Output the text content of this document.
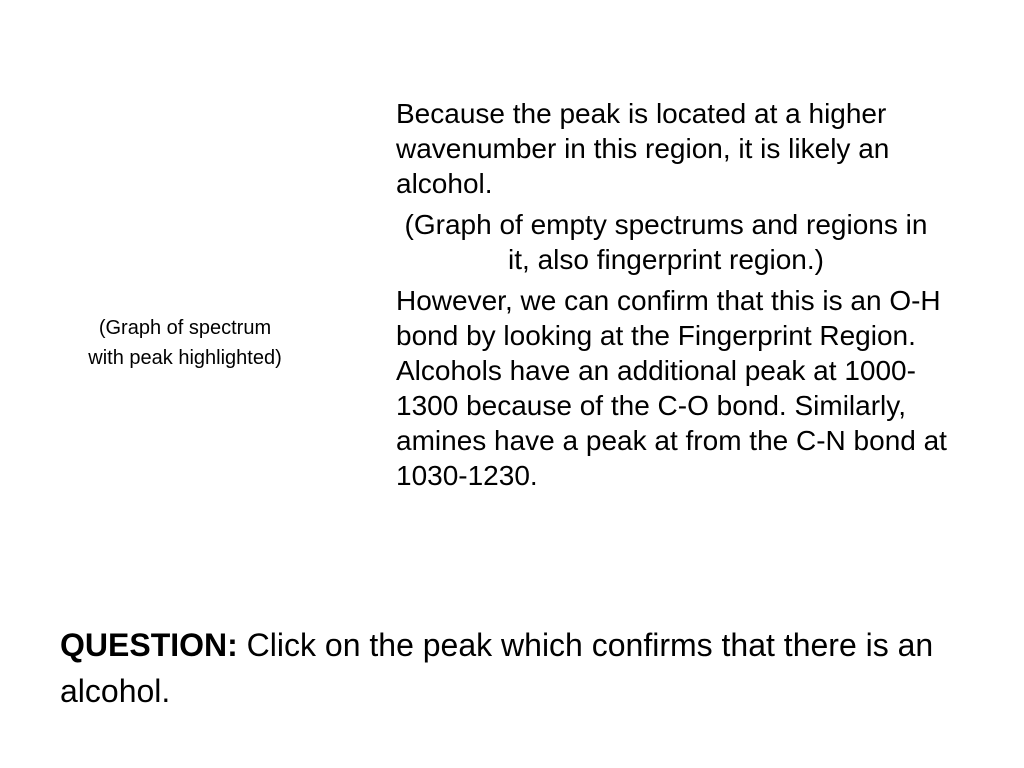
(Graph of spectrum
with peak highlighted)

Because the peak is located at a higher wavenumber in this region, it is likely an alcohol.

(Graph of empty spectrums and regions in it, also fingerprint region.)

However, we can confirm that this is an O-H bond by looking at the Fingerprint Region. Alcohols have an additional peak at 1000-1300 because of the C-O bond. Similarly, amines have a peak at from the C-N bond at 1030-1230.

QUESTION: Click on the peak which confirms that there is an alcohol.
